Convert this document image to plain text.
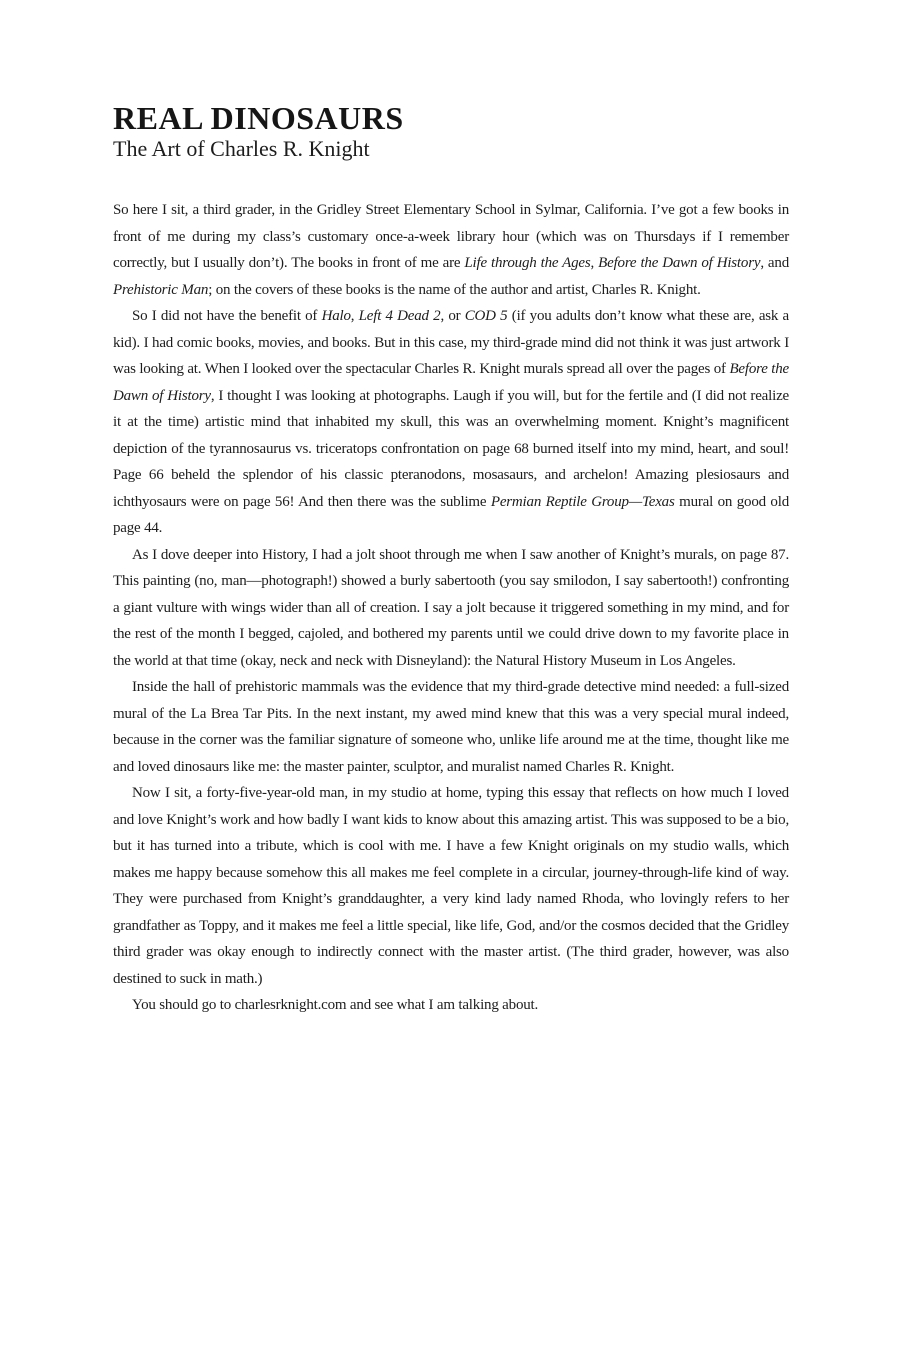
REAL DINOSAURS
The Art of Charles R. Knight

So here I sit, a third grader, in the Gridley Street Elementary School in Sylmar, California. I’ve got a few books in front of me during my class’s customary once-a-week library hour (which was on Thursdays if I remember correctly, but I usually don’t). The books in front of me are Life through the Ages, Before the Dawn of History, and Prehistoric Man; on the covers of these books is the name of the author and artist, Charles R. Knight.

So I did not have the benefit of Halo, Left 4 Dead 2, or COD 5 (if you adults don’t know what these are, ask a kid). I had comic books, movies, and books. But in this case, my third-grade mind did not think it was just artwork I was looking at. When I looked over the spectacular Charles R. Knight murals spread all over the pages of Before the Dawn of History, I thought I was looking at photographs. Laugh if you will, but for the fertile and (I did not realize it at the time) artistic mind that inhabited my skull, this was an overwhelming moment. Knight’s magnificent depiction of the tyrannosaurus vs. triceratops confrontation on page 68 burned itself into my mind, heart, and soul! Page 66 beheld the splendor of his classic pteranodons, mosasaurs, and archelon! Amazing plesiosaurs and ichthyosaurs were on page 56! And then there was the sublime Permian Reptile Group—Texas mural on good old page 44.

As I dove deeper into History, I had a jolt shoot through me when I saw another of Knight’s murals, on page 87. This painting (no, man—photograph!) showed a burly sabertooth (you say smilodon, I say sabertooth!) confronting a giant vulture with wings wider than all of creation. I say a jolt because it triggered something in my mind, and for the rest of the month I begged, cajoled, and bothered my parents until we could drive down to my favorite place in the world at that time (okay, neck and neck with Disneyland): the Natural History Museum in Los Angeles.

Inside the hall of prehistoric mammals was the evidence that my third-grade detective mind needed: a full-sized mural of the La Brea Tar Pits. In the next instant, my awed mind knew that this was a very special mural indeed, because in the corner was the familiar signature of someone who, unlike life around me at the time, thought like me and loved dinosaurs like me: the master painter, sculptor, and muralist named Charles R. Knight.

Now I sit, a forty-five-year-old man, in my studio at home, typing this essay that reflects on how much I loved and love Knight’s work and how badly I want kids to know about this amazing artist. This was supposed to be a bio, but it has turned into a tribute, which is cool with me. I have a few Knight originals on my studio walls, which makes me happy because somehow this all makes me feel complete in a circular, journey-through-life kind of way. They were purchased from Knight’s granddaughter, a very kind lady named Rhoda, who lovingly refers to her grandfather as Toppy, and it makes me feel a little special, like life, God, and/or the cosmos decided that the Gridley third grader was okay enough to indirectly connect with the master artist. (The third grader, however, was also destined to suck in math.)

You should go to charlesrknight.com and see what I am talking about.
